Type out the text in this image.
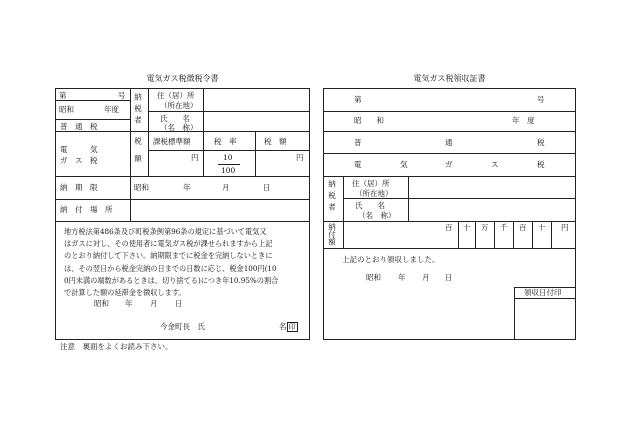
電気ガス税徴税令書
第	号
昭和	年度
普　通　税
電　　　気
ガ　ス　税
納税者 住（居）所
（所在地）
氏　　名
（名　称）
税額 課税標準額	税　率	税　額
円	10
100
円
納　期　限	昭和	年	月	日
納　付　場　所
地方税法第486条及び町税条例第96条の規定に基づいて電気又
はガスに対し、その使用者に電気ガス税が課せられますから上記
のとおり納付して下さい。納期限までに税金を完納しないときに
は、その翌日から税金完納の日までの日数に応じ、税金100円(10
0円未満の端数があるときは、切り捨てる)につき年10.95%の割合
で計算した額の延滞金を徴収します。
昭和 年 月 日
今金町長　氏	名 印
注意　裏面をよくお読み下さい。
電気ガス税領収証書
第	号
昭　　和	年　度
普	通	税
電	気	ガ	ス	税
納税者 住（居）所
（所在地）
氏　　名
（名　称）
納付額	百 十 万 千 百 十 円
上記のとおり領収しました。
昭和 年 月 日
領収日付印
